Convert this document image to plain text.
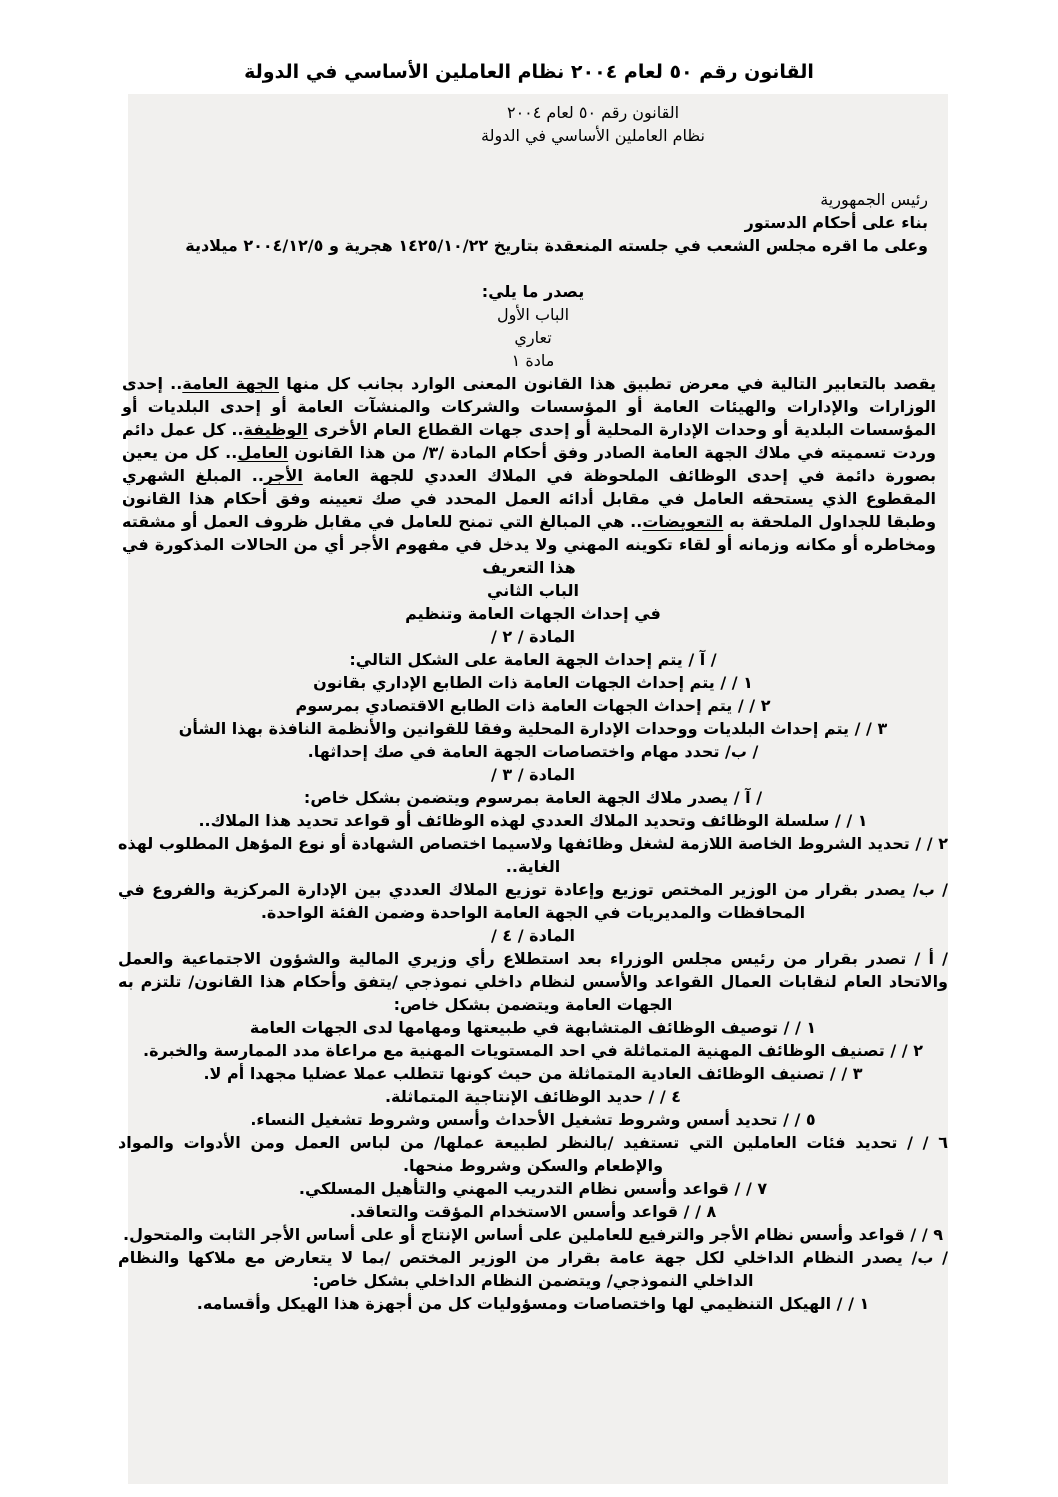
القانون رقم ٥٠ لعام ٢٠٠٤ نظام العاملين الأساسي في الدولة
القانون رقم ٥٠ لعام ٢٠٠٤
نظام العاملين الأساسي في الدولة
رئيس الجمهورية
بناء على أحكام الدستور
وعلى ما اقره مجلس الشعب في جلسته المنعقدة بتاريخ ١٤٢٥/١٠/٢٢ هجرية و ٢٠٠٤/١٢/٥ ميلادية
يصدر ما يلي:
الباب الأول
تعاري
مادة ١
يقصد بالتعابير التالية في معرض تطبيق هذا القانون المعنى الوارد بجانب كل منها الجهة العامة.. إحدى الوزارات والإدارات والهيئات العامة أو المؤسسات والشركات والمنشآت العامة أو إحدى البلديات أو المؤسسات البلدية أو وحدات الإدارة المحلية أو إحدى جهات القطاع العام الأخرى الوظيفة.. كل عمل دائم وردت تسميته في ملاك الجهة العامة الصادر وفق أحكام المادة /٣/ من هذا القانون العامل.. كل من يعين بصورة دائمة في إحدى الوظائف الملحوظة في الملاك العددي للجهة العامة الأجر.. المبلغ الشهري المقطوع الذي يستحقه العامل في مقابل أدائه العمل المحدد في صك تعيينه وفق أحكام هذا القانون وطبقا للجداول الملحقة به التعويضات.. هي المبالغ التي تمنح للعامل في مقابل ظروف العمل أو مشقته ومخاطره أو مكانه وزمانه أو لقاء تكوينه المهني ولا يدخل في مفهوم الأجر أي من الحالات المذكورة في هذا التعريف
الباب الثاني
في إحداث الجهات العامة وتنظيم
المادة / ٢ /
/ آ / يتم إحداث الجهة العامة على الشكل التالي:
١ / / يتم إحداث الجهات العامة ذات الطابع الإداري بقانون
٢ / / يتم إحداث الجهات العامة ذات الطابع الاقتصادي بمرسوم
٣ / / يتم إحداث البلديات ووحدات الإدارة المحلية وفقا للقوانين والأنظمة النافذة بهذا الشأن
/ ب/ تحدد مهام واختصاصات الجهة العامة في صك إحداثها.
المادة / ٣ /
/ آ / يصدر ملاك الجهة العامة بمرسوم ويتضمن بشكل خاص:
١ / / سلسلة الوظائف وتحديد الملاك العددي لهذه الوظائف أو قواعد تحديد هذا الملاك..
٢ / / تحديد الشروط الخاصة اللازمة لشغل وظائفها ولاسيما اختصاص الشهادة أو نوع المؤهل المطلوب لهذه الغاية..
/ ب/ يصدر بقرار من الوزير المختص توزيع وإعادة توزيع الملاك العددي بين الإدارة المركزية والفروع في المحافظات والمديريات في الجهة العامة الواحدة وضمن الفئة الواحدة.
المادة / ٤ /
/ أ / تصدر بقرار من رئيس مجلس الوزراء بعد استطلاع رأي وزيري المالية والشؤون الاجتماعية والعمل والاتحاد العام لنقابات العمال القواعد والأسس لنظام داخلي نموذجي /يتفق وأحكام هذا القانون/ تلتزم به الجهات العامة ويتضمن بشكل خاص:
١ / / توصيف الوظائف المتشابهة في طبيعتها ومهامها لدى الجهات العامة
٢ / / تصنيف الوظائف المهنية المتماثلة في احد المستويات المهنية مع مراعاة مدد الممارسة والخبرة.
٣ / / تصنيف الوظائف العادية المتماثلة من حيث كونها تتطلب عملا عضليا مجهدا أم لا.
٤ / / حديد الوظائف الإنتاجية المتماثلة.
٥ / / تحديد أسس وشروط تشغيل الأحداث وأسس وشروط تشغيل النساء.
٦ / / تحديد فئات العاملين التي تستفيد /بالنظر لطبيعة عملها/ من لباس العمل ومن الأدوات والمواد والإطعام والسكن وشروط منحها.
٧ / / قواعد وأسس نظام التدريب المهني والتأهيل المسلكي.
٨ / / قواعد وأسس الاستخدام المؤقت والتعاقد.
٩ / / قواعد وأسس نظام الأجر والترفيع للعاملين على أساس الإنتاج أو على أساس الأجر الثابت والمتحول.
/ ب/ يصدر النظام الداخلي لكل جهة عامة بقرار من الوزير المختص /بما لا يتعارض مع ملاكها والنظام الداخلي النموذجي/ ويتضمن النظام الداخلي بشكل خاص:
١ / / الهيكل التنظيمي لها واختصاصات ومسؤوليات كل من أجهزة هذا الهيكل وأقسامه.
